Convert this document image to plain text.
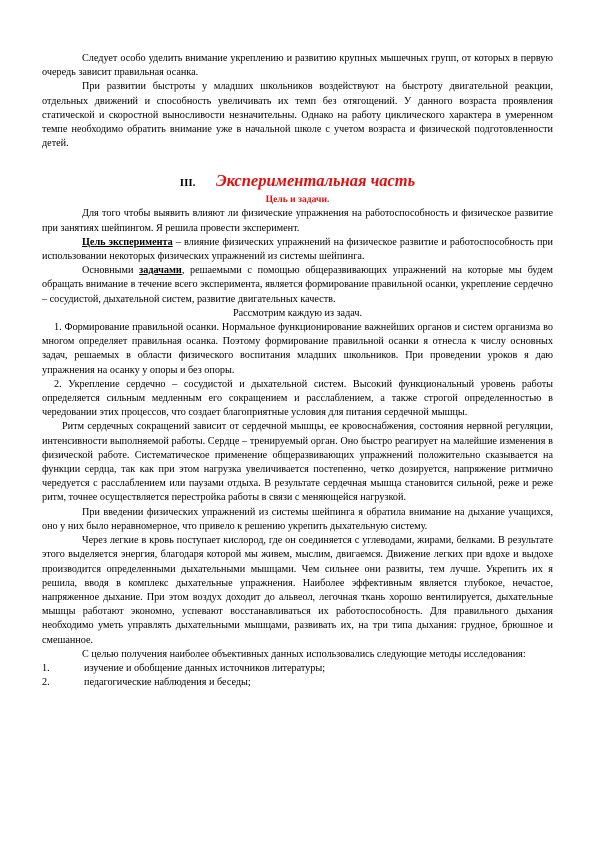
Следует особо уделить внимание укреплению и развитию крупных мышечных групп, от которых в первую очередь зависит правильная осанка.

При развитии быстроты у младших школьников воздействуют на быстроту двигательной реакции, отдельных движений и способность увеличивать их темп без отягощений. У данного возраста проявления статической и скоростной выносливости незначительны. Однако на работу циклического характера в умеренном темпе необходимо обратить внимание уже в начальной школе с учетом возраста и физической подготовленности детей.

III. Экспериментальная часть
Цель и задачи.

Для того чтобы выявить влияют ли физические упражнения на работоспособность и физическое развитие при занятиях шейпингом. Я решила провести эксперимент.

Цель эксперимента – влияние физических упражнений на физическое развитие и работоспособность при использовании некоторых физических упражнений из системы шейпинга.

Основными задачами, решаемыми с помощью общеразвивающих упражнений на которые мы будем обращать внимание в течение всего эксперимента, является формирование правильной осанки, укрепление сердечно – сосудистой, дыхательной систем, развитие двигательных качеств.

Рассмотрим каждую из задач.

1. Формирование правильной осанки. Нормальное функционирование важнейших органов и систем организма во многом определяет правильная осанка. Поэтому формирование правильной осанки я отнесла к числу основных задач, решаемых в области физического воспитания младших школьников. При проведении уроков я даю упражнения на осанку у опоры и без опоры.

2. Укрепление сердечно – сосудистой и дыхательной систем. Высокий функциональный уровень работы определяется сильным медленным его сокращением и расслаблением, а также строгой определенностью в чередовании этих процессов, что создает благоприятные условия для питания сердечной мышцы.

Ритм сердечных сокращений зависит от сердечной мышцы, ее кровоснабжения, состояния нервной регуляции, интенсивности выполняемой работы. Сердце – тренируемый орган. Оно быстро реагирует на малейшие изменения в физической работе. Систематическое применение общеразвивающих упражнений положительно сказывается на функции сердца, так как при этом нагрузка увеличивается постепенно, четко дозируется, напряжение ритмично чередуется с расслаблением или паузами отдыха. В результате сердечная мышца становится сильной, реже и реже ритм, точнее осуществляется перестройка работы в связи с меняющейся нагрузкой.

При введении физических упражнений из системы шейпинга я обратила внимание на дыхание учащихся, оно у них было неравномерное, что привело к решению укрепить дыхательную систему.

Через легкие в кровь поступает кислород, где он соединяется с углеводами, жирами, белками. В результате этого выделяется энергия, благодаря которой мы живем, мыслим, двигаемся. Движение легких при вдохе и выдохе производится определенными дыхательными мышцами. Чем сильнее они развиты, тем лучше. Укрепить их я решила, вводя в комплекс дыхательные упражнения. Наиболее эффективным является глубокое, нечастое, напряженное дыхание. При этом воздух доходит до альвеол, легочная ткань хорошо вентилируется, дыхательные мышцы работают экономно, успевают восстанавливаться их работоспособность. Для правильного дыхания необходимо уметь управлять дыхательными мышцами, развивать их, на три типа дыхания: грудное, брюшное и смешанное.

С целью получения наиболее объективных данных использовались следующие методы исследования:

1.	изучение и обобщение данных источников литературы;
2.	педагогические наблюдения и беседы;
